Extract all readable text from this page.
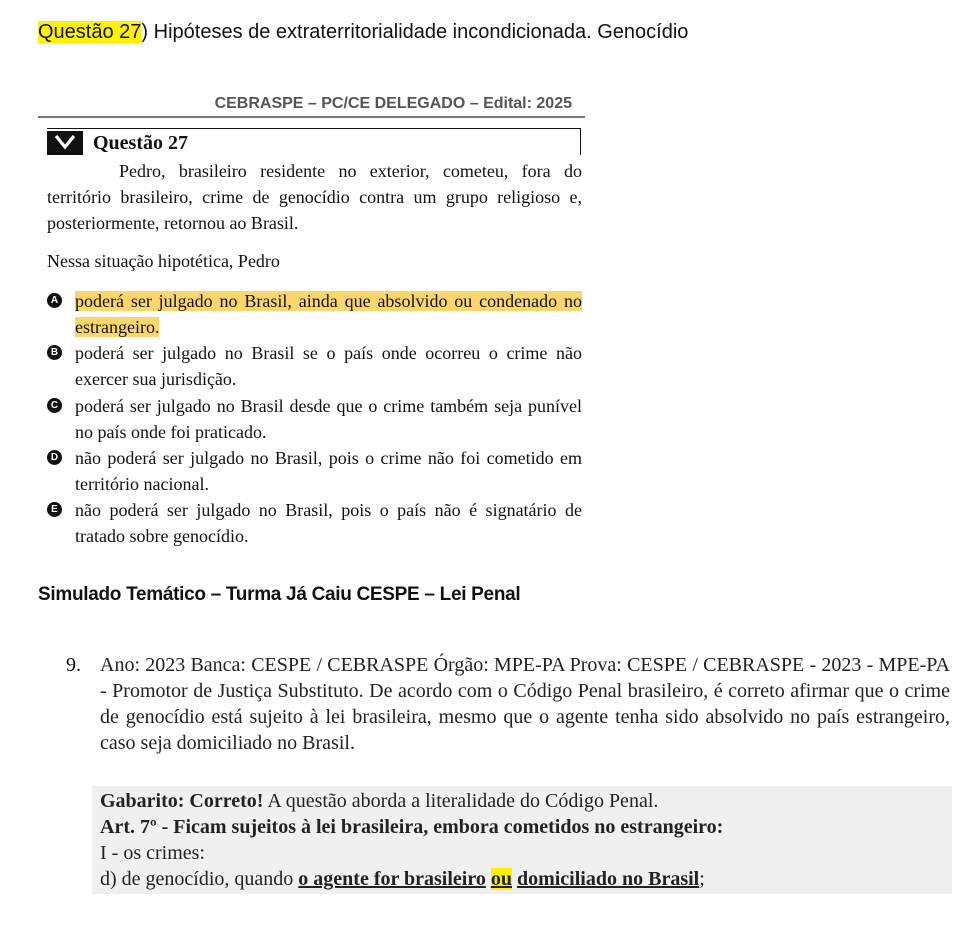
Questão 27) Hipóteses de extraterritorialidade incondicionada. Genocídio
CEBRASPE – PC/CE DELEGADO – Edital: 2025
Questão 27
Pedro, brasileiro residente no exterior, cometeu, fora do território brasileiro, crime de genocídio contra um grupo religioso e, posteriormente, retornou ao Brasil.
Nessa situação hipotética, Pedro
A poderá ser julgado no Brasil, ainda que absolvido ou condenado no estrangeiro.
B poderá ser julgado no Brasil se o país onde ocorreu o crime não exercer sua jurisdição.
C poderá ser julgado no Brasil desde que o crime também seja punível no país onde foi praticado.
D não poderá ser julgado no Brasil, pois o crime não foi cometido em território nacional.
E não poderá ser julgado no Brasil, pois o país não é signatário de tratado sobre genocídio.
Simulado Temático – Turma Já Caiu CESPE – Lei Penal
9. Ano: 2023 Banca: CESPE / CEBRASPE Órgão: MPE-PA Prova: CESPE / CEBRASPE - 2023 - MPE-PA - Promotor de Justiça Substituto. De acordo com o Código Penal brasileiro, é correto afirmar que o crime de genocídio está sujeito à lei brasileira, mesmo que o agente tenha sido absolvido no país estrangeiro, caso seja domiciliado no Brasil.
Gabarito: Correto! A questão aborda a literalidade do Código Penal.
Art. 7º - Ficam sujeitos à lei brasileira, embora cometidos no estrangeiro:
I - os crimes:
d) de genocídio, quando o agente for brasileiro ou domiciliado no Brasil;
